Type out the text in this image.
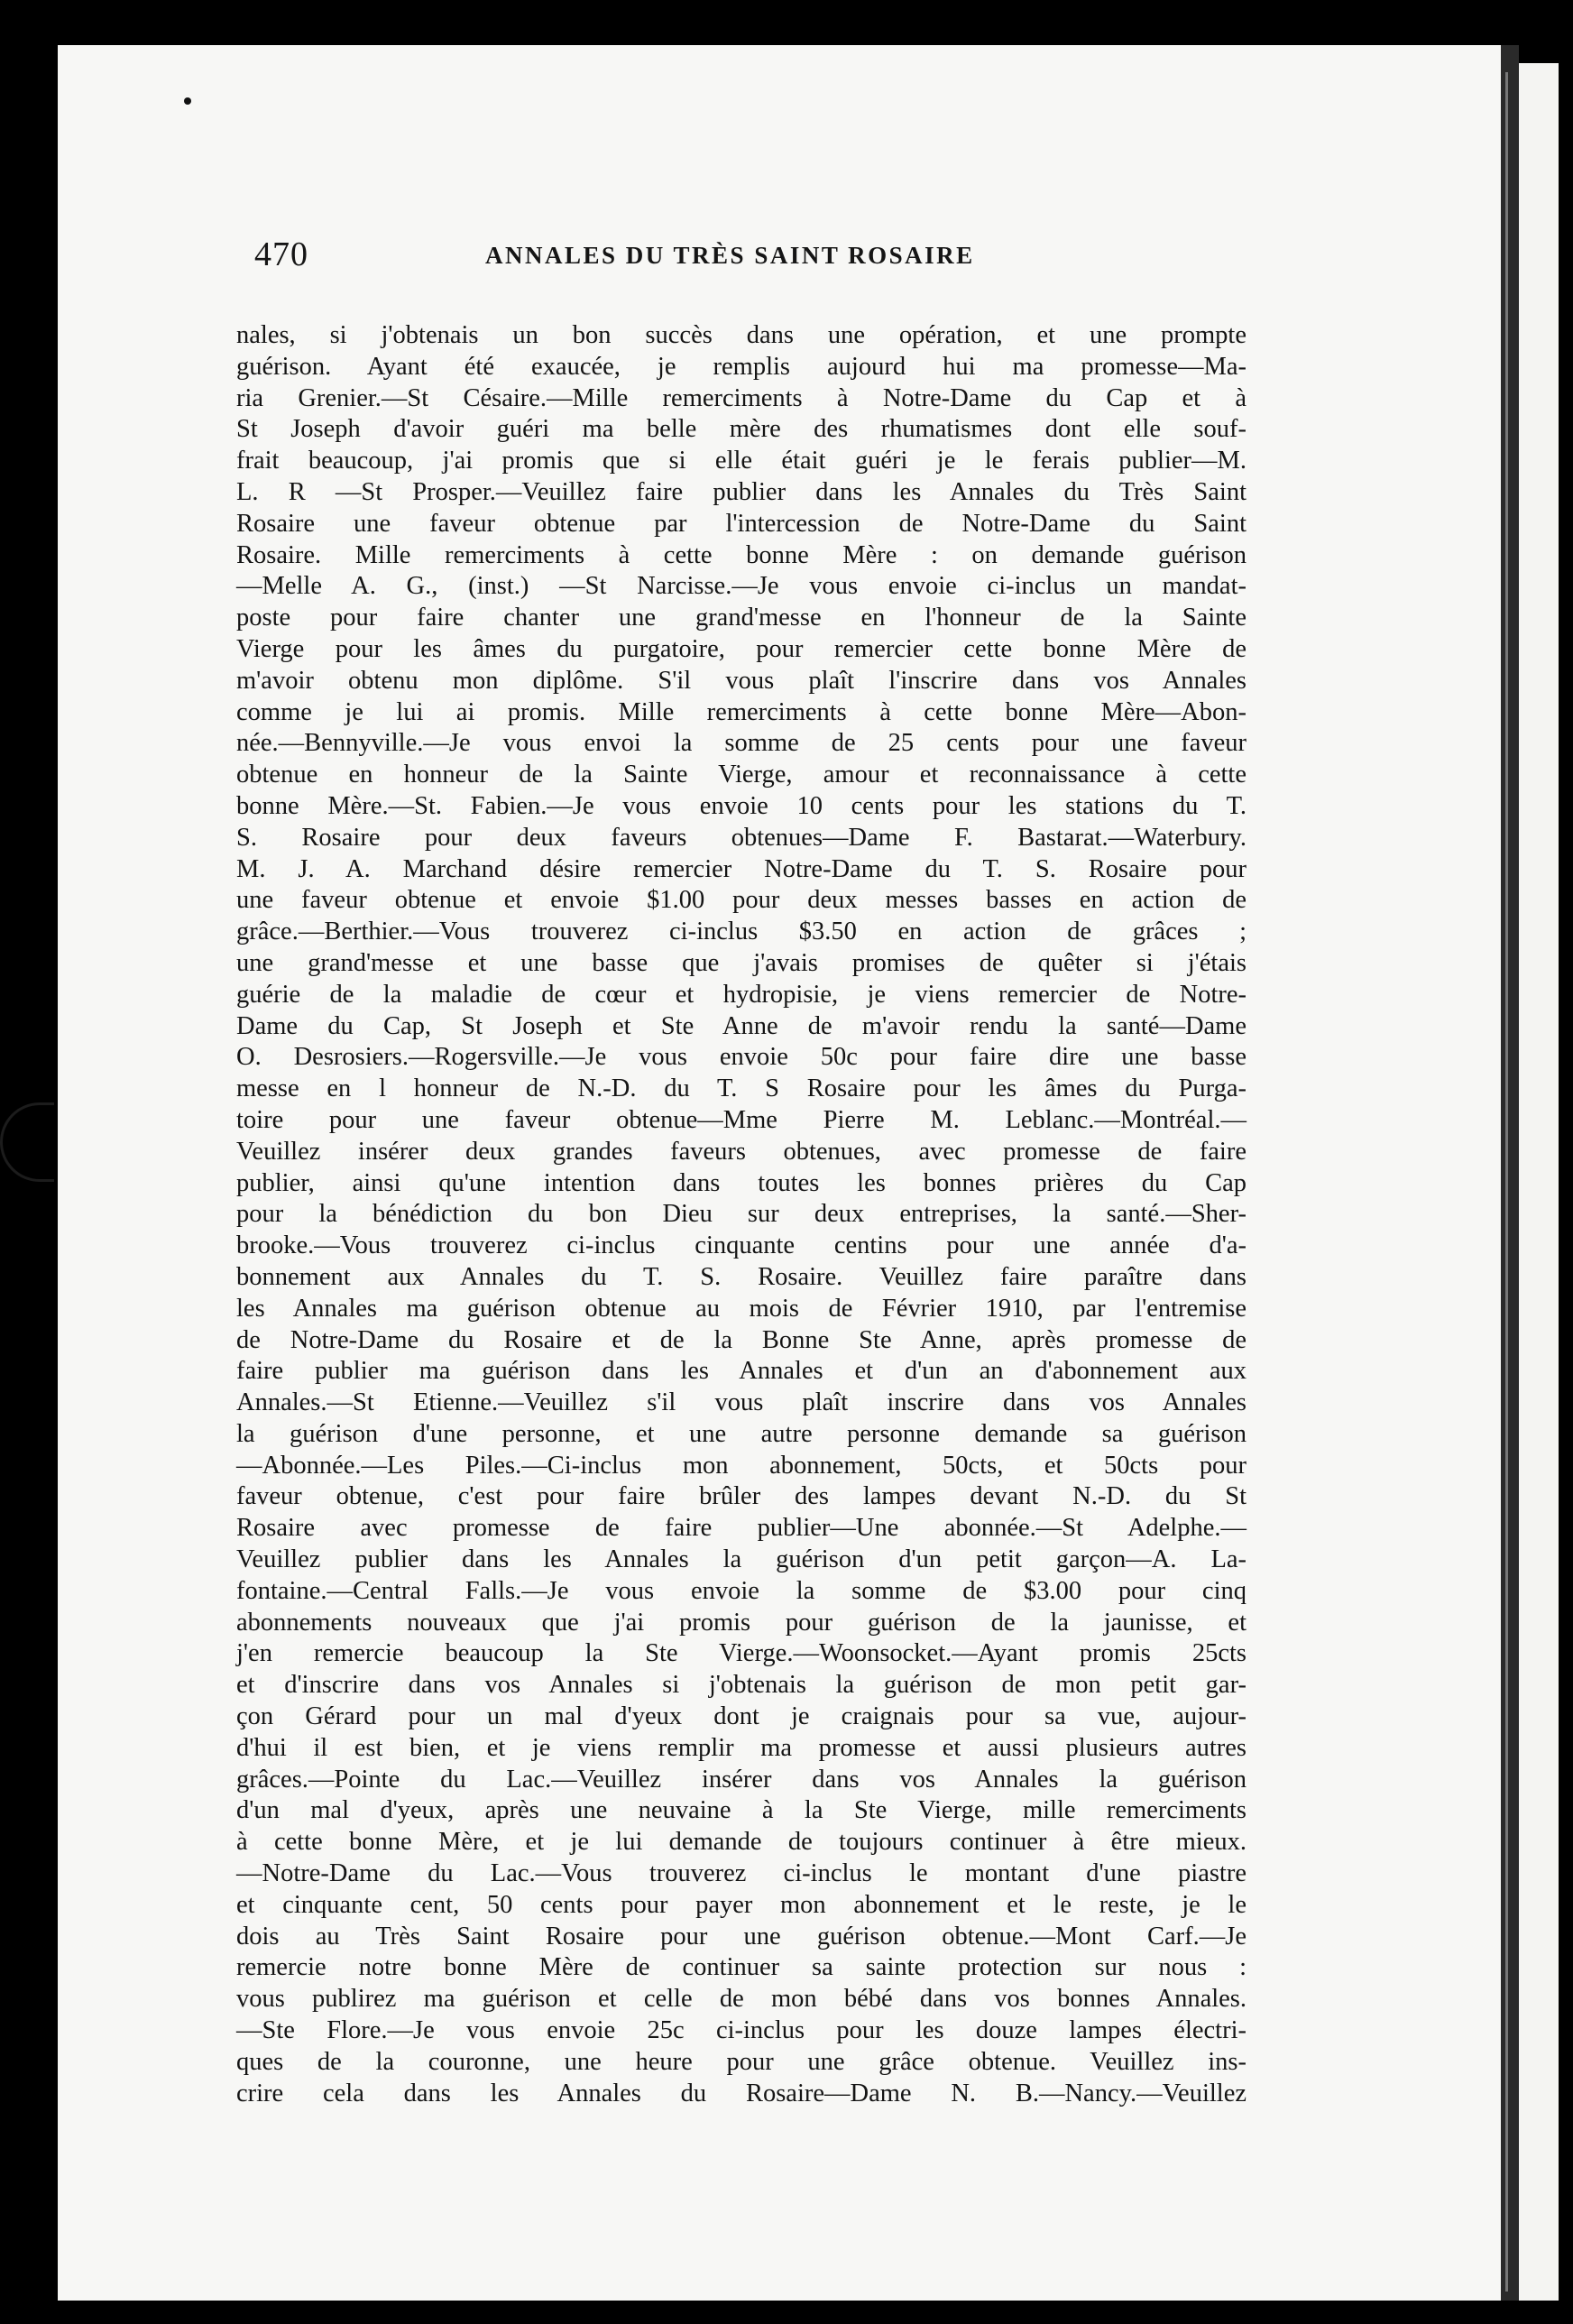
470	ANNALES DU TRÈS SAINT ROSAIRE
nales, si j'obtenais un bon succès dans une opération, et une prompte
guérison. Ayant été exaucée, je remplis aujourd hui ma promesse—Ma-
ria Grenier.—St Césaire.—Mille remerciments à Notre-Dame du Cap et à
St Joseph d'avoir guéri ma belle mère des rhumatismes dont elle souf-
frait beaucoup, j'ai promis que si elle était guéri je le ferais publier—M.
L. R —St Prosper.—Veuillez faire publier dans les Annales du Très Saint
Rosaire une faveur obtenue par l'intercession de Notre-Dame du Saint
Rosaire. Mille remerciments à cette bonne Mère : on demande guérison
—Melle A. G., (inst.) —St Narcisse.—Je vous envoie ci-inclus un mandat-
poste pour faire chanter une grand'messe en l'honneur de la Sainte
Vierge pour les âmes du purgatoire, pour remercier cette bonne Mère de
m'avoir obtenu mon diplôme. S'il vous plaît l'inscrire dans vos Annales
comme je lui ai promis. Mille remerciments à cette bonne Mère—Abon-
née.—Bennyville.—Je vous envoi la somme de 25 cents pour une faveur
obtenue en honneur de la Sainte Vierge, amour et reconnaissance à cette
bonne Mère.—St. Fabien.—Je vous envoie 10 cents pour les stations du T.
S. Rosaire pour deux faveurs obtenues—Dame F. Bastarat.—Waterbury.
M. J. A. Marchand désire remercier Notre-Dame du T. S. Rosaire pour
une faveur obtenue et envoie $1.00 pour deux messes basses en action de
grâce.—Berthier.—Vous trouverez ci-inclus $3.50 en action de grâces ;
une grand'messe et une basse que j'avais promises de quêter si j'étais
guérie de la maladie de cœur et hydropisie, je viens remercier de Notre-
Dame du Cap, St Joseph et Ste Anne de m'avoir rendu la santé—Dame
O. Desrosiers.—Rogersville.—Je vous envoie 50c pour faire dire une basse
messe en l honneur de N.-D. du T. S Rosaire pour les âmes du Purga-
toire pour une faveur obtenue—Mme Pierre M. Leblanc.—Montréal.—
Veuillez insérer deux grandes faveurs obtenues, avec promesse de faire
publier, ainsi qu'une intention dans toutes les bonnes prières du Cap
pour la bénédiction du bon Dieu sur deux entreprises, la santé.—Sher-
brooke.—Vous trouverez ci-inclus cinquante centins pour une année d'a-
bonnement aux Annales du T. S. Rosaire. Veuillez faire paraître dans
les Annales ma guérison obtenue au mois de Février 1910, par l'entremise
de Notre-Dame du Rosaire et de la Bonne Ste Anne, après promesse de
faire publier ma guérison dans les Annales et d'un an d'abonnement aux
Annales.—St Etienne.—Veuillez s'il vous plaît inscrire dans vos Annales
la guérison d'une personne, et une autre personne demande sa guérison
—Abonnée.—Les Piles.—Ci-inclus mon abonnement, 50cts, et 50cts pour
faveur obtenue, c'est pour faire brûler des lampes devant N.-D. du St
Rosaire avec promesse de faire publier—Une abonnée.—St Adelphe.—
Veuillez publier dans les Annales la guérison d'un petit garçon—A. La-
fontaine.—Central Falls.—Je vous envoie la somme de $3.00 pour cinq
abonnements nouveaux que j'ai promis pour guérison de la jaunisse, et
j'en remercie beaucoup la Ste Vierge.—Woonsocket.—Ayant promis 25cts
et d'inscrire dans vos Annales si j'obtenais la guérison de mon petit gar-
çon Gérard pour un mal d'yeux dont je craignais pour sa vue, aujour-
d'hui il est bien, et je viens remplir ma promesse et aussi plusieurs autres
grâces.—Pointe du Lac.—Veuillez insérer dans vos Annales la guérison
d'un mal d'yeux, après une neuvaine à la Ste Vierge, mille remerciments
à cette bonne Mère, et je lui demande de toujours continuer à être mieux.
—Notre-Dame du Lac.—Vous trouverez ci-inclus le montant d'une piastre
et cinquante cent, 50 cents pour payer mon abonnement et le reste, je le
dois au Très Saint Rosaire pour une guérison obtenue.—Mont Carf.—Je
remercie notre bonne Mère de continuer sa sainte protection sur nous :
vous publirez ma guérison et celle de mon bébé dans vos bonnes Annales.
—Ste Flore.—Je vous envoie 25c ci-inclus pour les douze lampes électri-
ques de la couronne, une heure pour une grâce obtenue. Veuillez ins-
crire cela dans les Annales du Rosaire—Dame N. B.—Nancy.—Veuillez
